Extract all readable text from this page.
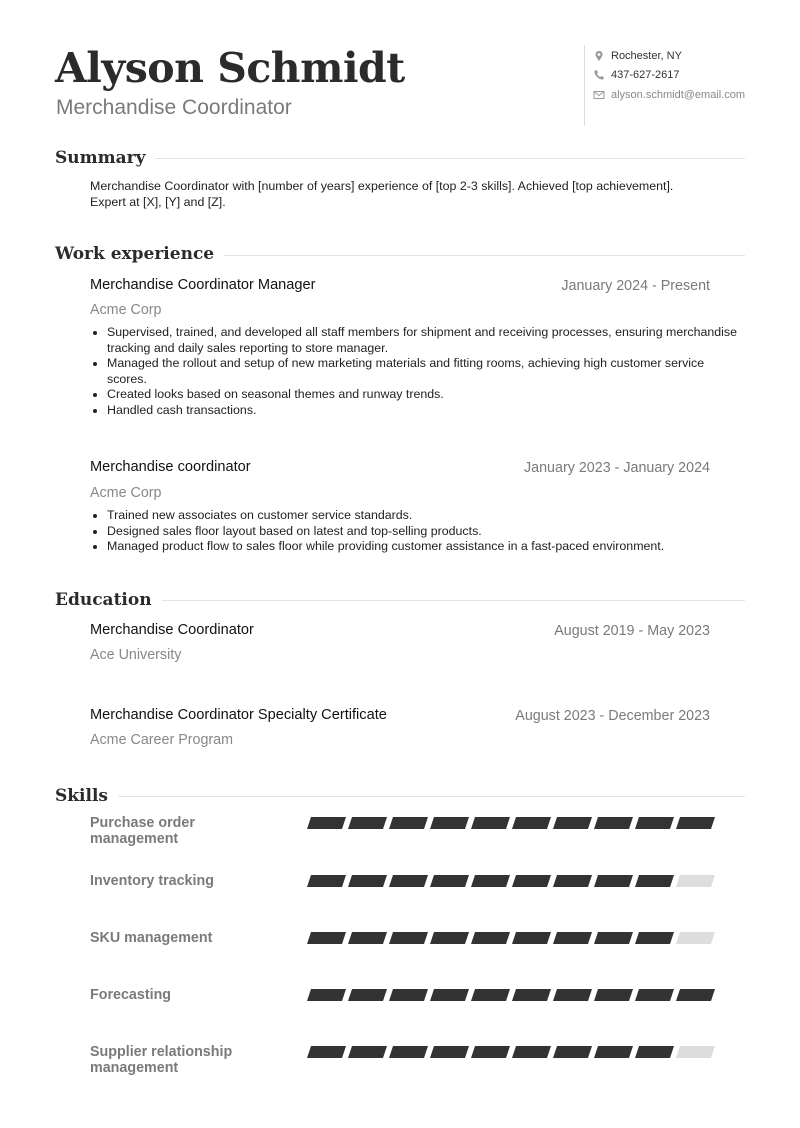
Alyson Schmidt
Merchandise Coordinator
Rochester, NY
437-627-2617
alyson.schmidt@email.com
Summary
Merchandise Coordinator with [number of years] experience of [top 2-3 skills]. Achieved [top achievement].
Expert at [X], [Y] and [Z].
Work experience
Merchandise Coordinator Manager	January 2024 - Present
Acme Corp
• Supervised, trained, and developed all staff members for shipment and receiving processes, ensuring merchandise tracking and daily sales reporting to store manager.
• Managed the rollout and setup of new marketing materials and fitting rooms, achieving high customer service scores.
• Created looks based on seasonal themes and runway trends.
• Handled cash transactions.
Merchandise coordinator	January 2023 - January 2024
Acme Corp
• Trained new associates on customer service standards.
• Designed sales floor layout based on latest and top-selling products.
• Managed product flow to sales floor while providing customer assistance in a fast-paced environment.
Education
Merchandise Coordinator	August 2019 - May 2023
Ace University
Merchandise Coordinator Specialty Certificate	August 2023 - December 2023
Acme Career Program
Skills
Purchase order management
Inventory tracking
SKU management
Forecasting
Supplier relationship management
